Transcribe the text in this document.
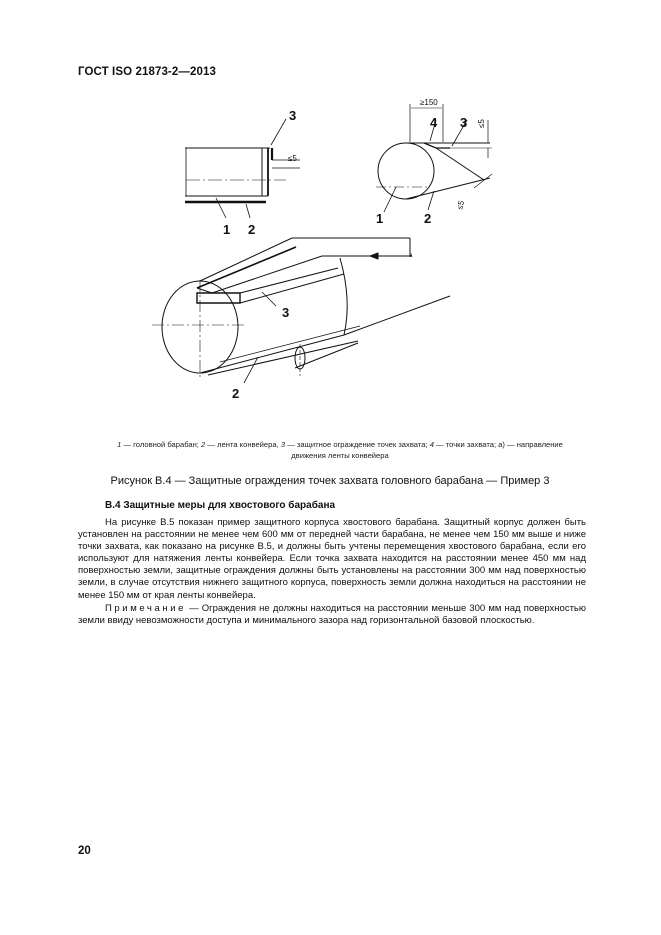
ГОСТ ISO 21873-2—2013
3
1 2
4 3
1	2
3
2
≤5
≥150
≤5
≤5
a
1 — головной барабан; 2 — лента конвейера, 3 — защитное ограждение точек захвата; 4 — точки захвата; а) — направление
движения ленты конвейера
Рисунок В.4 — Защитные ограждения точек захвата головного барабана — Пример 3
В.4 Защитные меры для хвостового барабана

На рисунке В.5 показан пример защитного корпуса хвостового барабана. Защитный корпус должен быть установлен на расстоянии не менее чем 600 мм от передней части барабана, не менее чем 150 мм выше и ниже точки захвата, как показано на рисунке В.5, и должны быть учтены перемещения хвостового барабана, если его используют для натяжения ленты конвейера. Если точка захвата находится на расстоянии менее 450 мм над поверхностью земли, защитные ограждения должны быть установлены на расстоянии 300 мм над поверхностью земли, в случае отсутствия нижнего защитного корпуса, поверхность земли должна находиться на расстоянии не менее 150 мм от края ленты конвейера.

Примечание — Ограждения не должны находиться на расстоянии меньше 300 мм над поверхностью земли ввиду невозможности доступа и минимального зазора над горизонтальной базовой плоскостью.

20
